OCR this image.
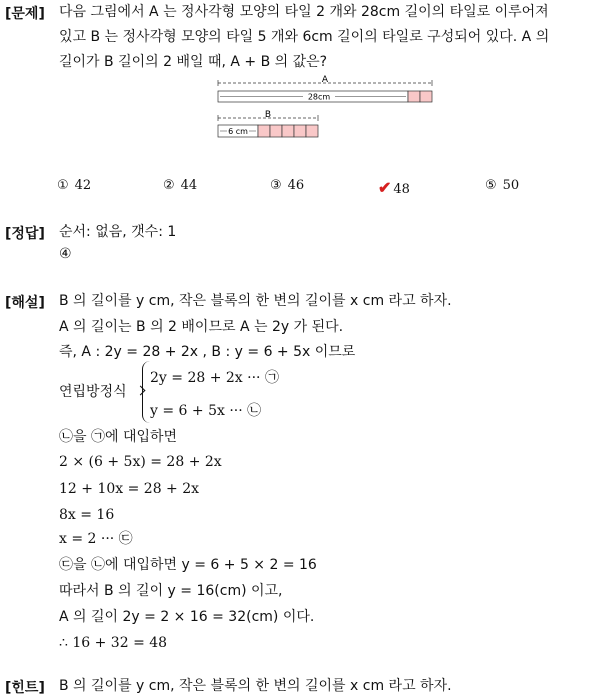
[문제] 다음 그림에서 A 는 정사각형 모양의 타일 2 개와 28cm 길이의 타일로 이루어져
있고 B 는 정사각형 모양의 타일 5 개와 6cm 길이의 타일로 구성되어 있다. A 의
길이가 B 길이의 2 배일 때, A + B 의 값은?
A
28cm
B
6 cm
① 42	② 44	③ 46	✔ 48	⑤ 50
[정답] 순서: 없음, 갯수: 1
④
[해설] B 의 길이를 y cm, 작은 블록의 한 변의 길이를 x cm 라고 하자.
A 의 길이는 B 의 2 배이므로 A 는 2y 가 된다.
즉, A : 2y = 28 + 2x , B : y = 6 + 5x 이므로
연립방정식
2y = 28 + 2x ··· ㉠
y = 6 + 5x ··· ㉡
㉡을 ㉠에 대입하면
2 × (6 + 5x) = 28 + 2x
12 + 10x = 28 + 2x
8x = 16
x = 2 ··· ㉢
㉢을 ㉡에 대입하면 y = 6 + 5 × 2 = 16
따라서 B 의 길이 y = 16(cm) 이고,
A 의 길이 2y = 2 × 16 = 32(cm) 이다.
∴ 16 + 32 = 48
[힌트] B 의 길이를 y cm, 작은 블록의 한 변의 길이를 x cm 라고 하자.
